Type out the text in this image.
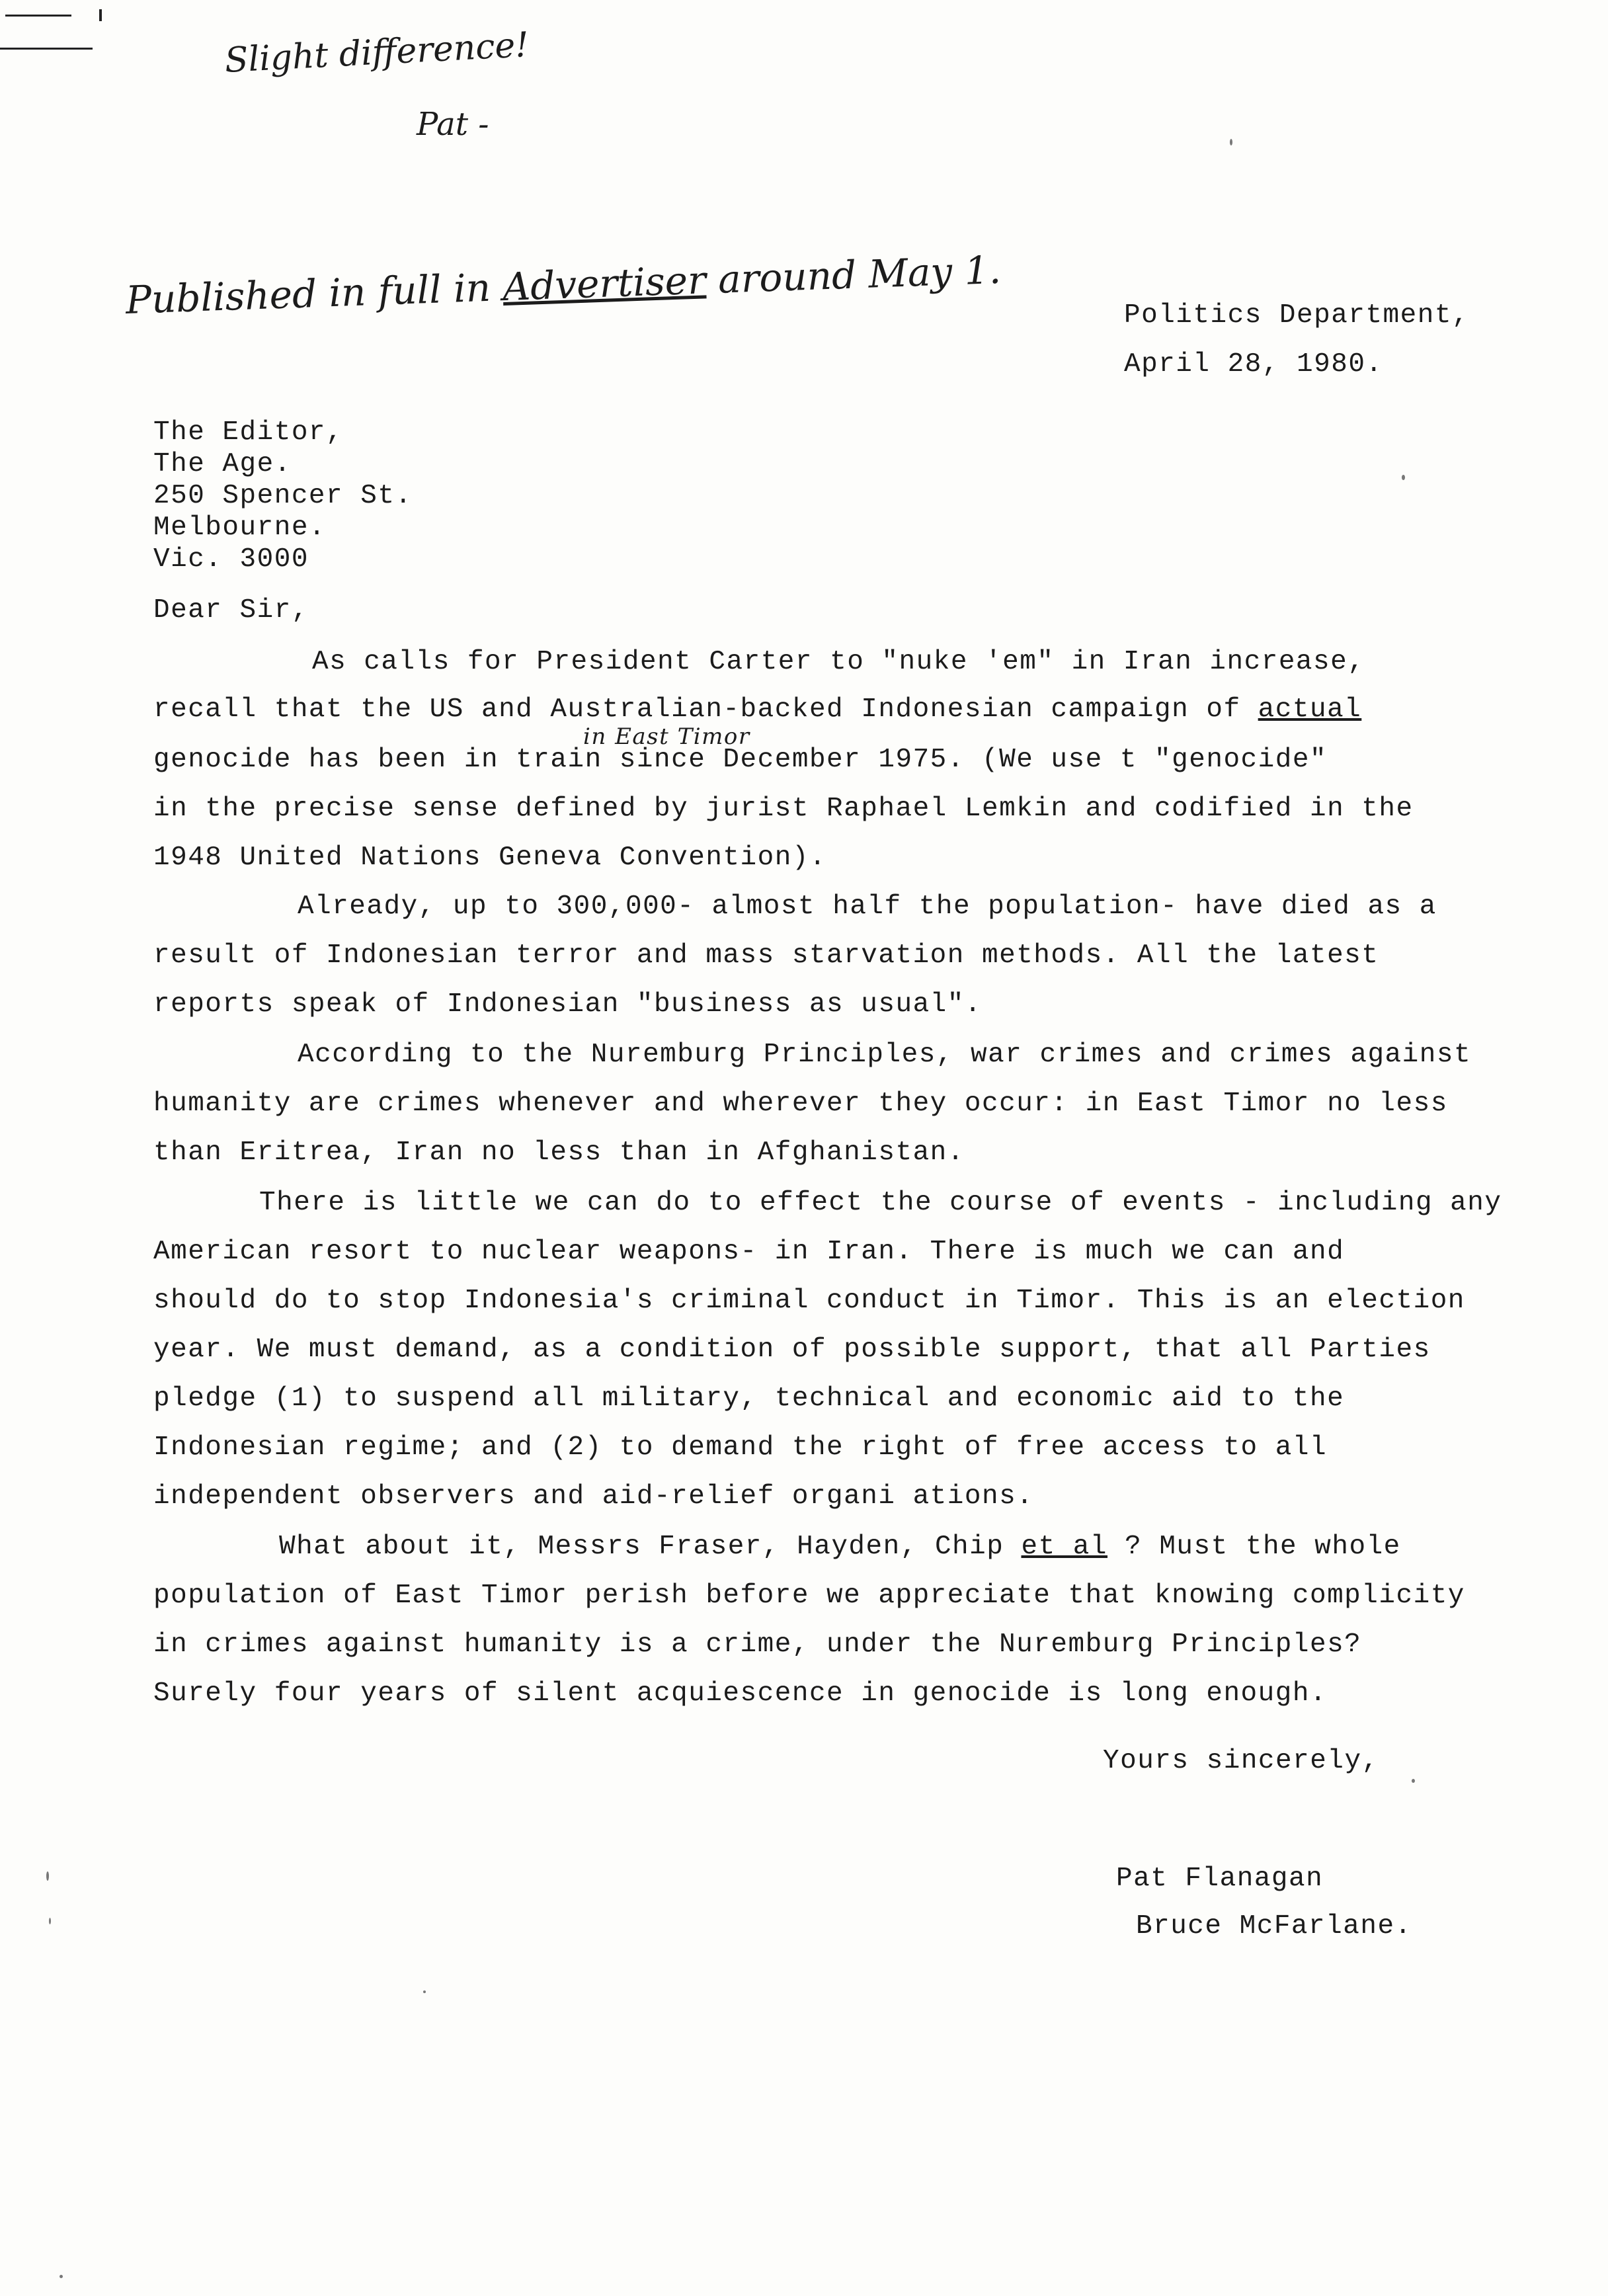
Slight difference!
Pat -
Published in full in Advertiser around May 1.
Politics Department,
April 28, 1980.
The Editor,
The Age.
250 Spencer St.
Melbourne.
Vic. 3000
Dear Sir,
As calls for President Carter to "nuke 'em" in Iran increase,
recall that the US and Australian-backed Indonesian campaign of actual
in East Timor
genocide has been in train since December 1975. (We use t "genocide"
in the precise sense defined by jurist Raphael Lemkin and codified in the
1948 United Nations Geneva Convention).
Already, up to 300,000- almost half the population- have died as a
result of Indonesian terror and mass starvation methods. All the latest
reports speak of Indonesian "business as usual".
According to the Nuremburg Principles, war crimes and crimes against
humanity are crimes whenever and wherever they occur: in East Timor no less
than Eritrea, Iran no less than in Afghanistan.
There is little we can do to effect the course of events - including any
American resort to nuclear weapons- in Iran. There is much we can and
should do to stop Indonesia's criminal conduct in Timor. This is an election
year. We must demand, as a condition of possible support, that all Parties
pledge (1) to suspend all military, technical and economic aid to the
Indonesian regime; and (2) to demand the right of free access to all
independent observers and aid-relief organi ations.
What about it, Messrs Fraser, Hayden, Chip et al ? Must the whole
population of East Timor perish before we appreciate that knowing complicity
in crimes against humanity is a crime, under the Nuremburg Principles?
Surely four years of silent acquiescence in genocide is long enough.
Yours sincerely,
Pat Flanagan
Bruce McFarlane.
